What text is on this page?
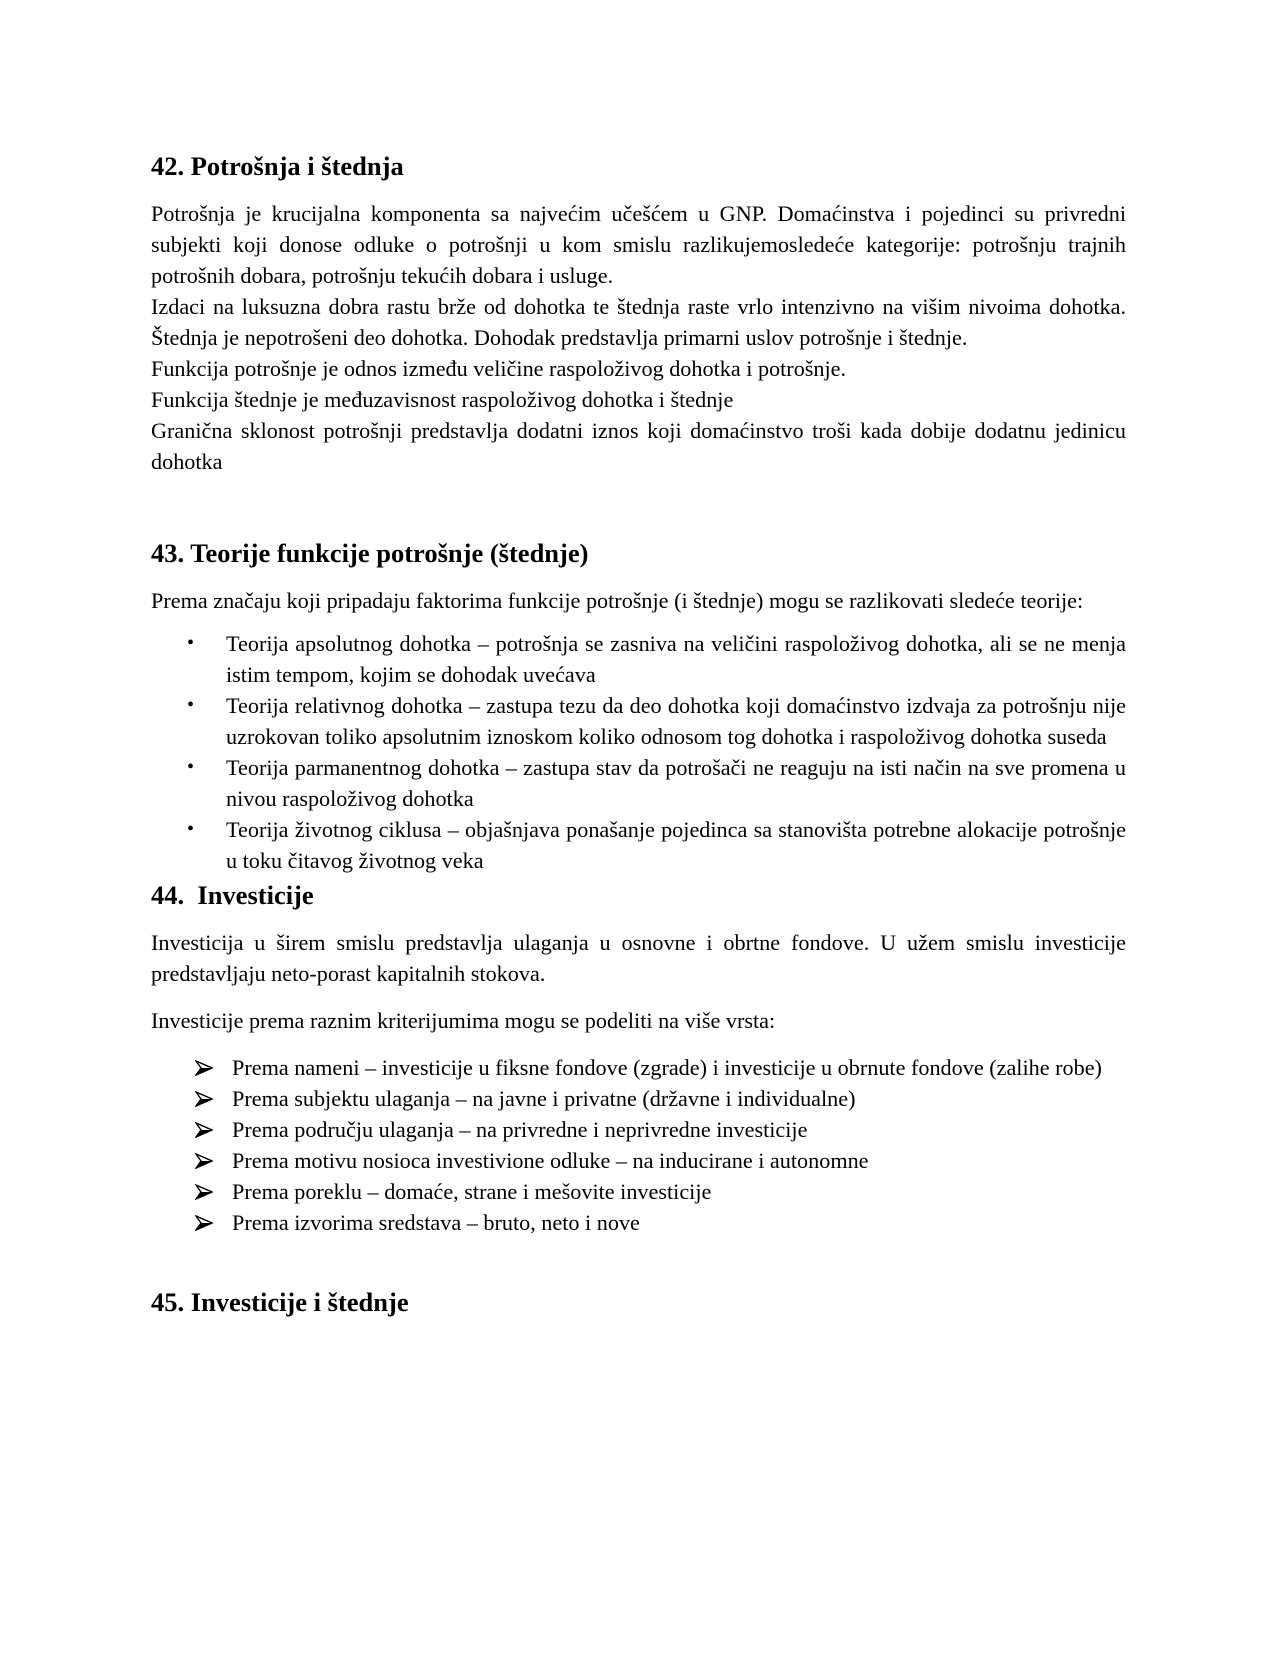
42. Potrošnja i štednja

Potrošnja je krucijalna komponenta sa najvećim učešćem u GNP. Domaćinstva i pojedinci su privredni subjekti koji donose odluke o potrošnji u kom smislu razlikujemosledeće kategorije: potrošnju trajnih potrošnih dobara, potrošnju tekućih dobara i usluge.

Izdaci na luksuzna dobra rastu brže od dohotka te štednja raste vrlo intenzivno na višim nivoima dohotka. Štednja je nepotrošeni deo dohotka. Dohodak predstavlja primarni uslov potrošnje i štednje.

Funkcija potrošnje je odnos između veličine raspoloživog dohotka i potrošnje.

Funkcija štednje je međuzavisnost raspoloživog dohotka i štednje

Granična sklonost potrošnji predstavlja dodatni iznos koji domaćinstvo troši kada dobije dodatnu jedinicu dohotka

43. Teorije funkcije potrošnje (štednje)

Prema značaju koji pripadaju faktorima funkcije potrošnje (i štednje) mogu se razlikovati sledeće teorije:

• Teorija apsolutnog dohotka – potrošnja se zasniva na veličini raspoloživog dohotka, ali se ne menja istim tempom, kojim se dohodak uvećava
• Teorija relativnog dohotka – zastupa tezu da deo dohotka koji domaćinstvo izdvaja za potrošnju nije uzrokovan toliko apsolutnim iznoskom koliko odnosom tog dohotka i raspoloživog dohotka suseda
• Teorija parmanentnog dohotka – zastupa stav da potrošači ne reaguju na isti način na sve promena u nivou raspoloživog dohotka
• Teorija životnog ciklusa – objašnjava ponašanje pojedinca sa stanovišta potrebne alokacije potrošnje u toku čitavog životnog veka
44.  Investicije

Investicija u širem smislu predstavlja ulaganja u osnovne i obrtne fondove. U užem smislu investicije predstavljaju neto-porast kapitalnih stokova.

Investicije prema raznim kriterijumima mogu se podeliti na više vrsta:

Prema nameni – investicije u fiksne fondove (zgrade) i investicije u obrnute fondove (zalihe robe)
Prema subjektu ulaganja – na javne i privatne (državne i individualne)
Prema području ulaganja – na privredne i neprivredne investicije
Prema motivu nosioca investivione odluke – na inducirane i autonomne
Prema poreklu – domaće, strane i mešovite investicije
Prema izvorima sredstava – bruto, neto i nove
45. Investicije i štednje
